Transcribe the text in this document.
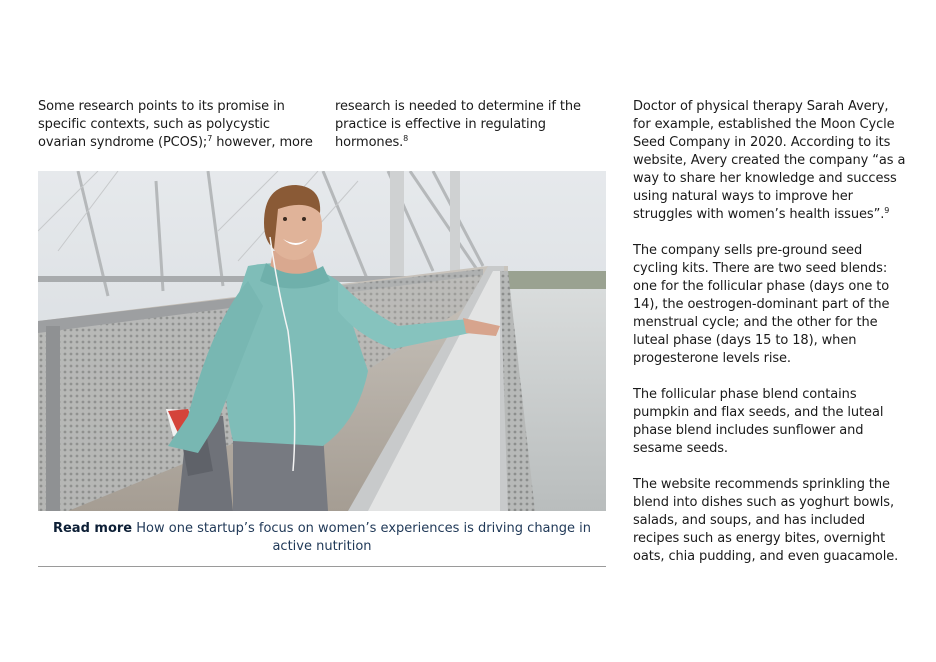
Some research points to its promise in specific contexts, such as polycystic ovarian syndrome (PCOS);$^7$ however, more

research is needed to determine if the practice is effective in regulating hormones.$^8$

Doctor of physical therapy Sarah Avery, for example, established the Moon Cycle Seed Company in 2020. According to its website, Avery created the company “as a way to share her knowledge and success using natural ways to improve her struggles with women’s health issues”.$^9$

The company sells pre-ground seed cycling kits. There are two seed blends: one for the follicular phase (days one to 14), the oestrogen-dominant part of the menstrual cycle; and the other for the luteal phase (days 15 to 18), when progesterone levels rise.

The follicular phase blend contains pumpkin and flax seeds, and the luteal phase blend includes sunflower and sesame seeds.

The website recommends sprinkling the blend into dishes such as yoghurt bowls, salads, and soups, and has included recipes such as energy bites, overnight oats, chia pudding, and even guacamole.

Read more How one startup’s focus on women’s experiences is driving change in active nutrition
